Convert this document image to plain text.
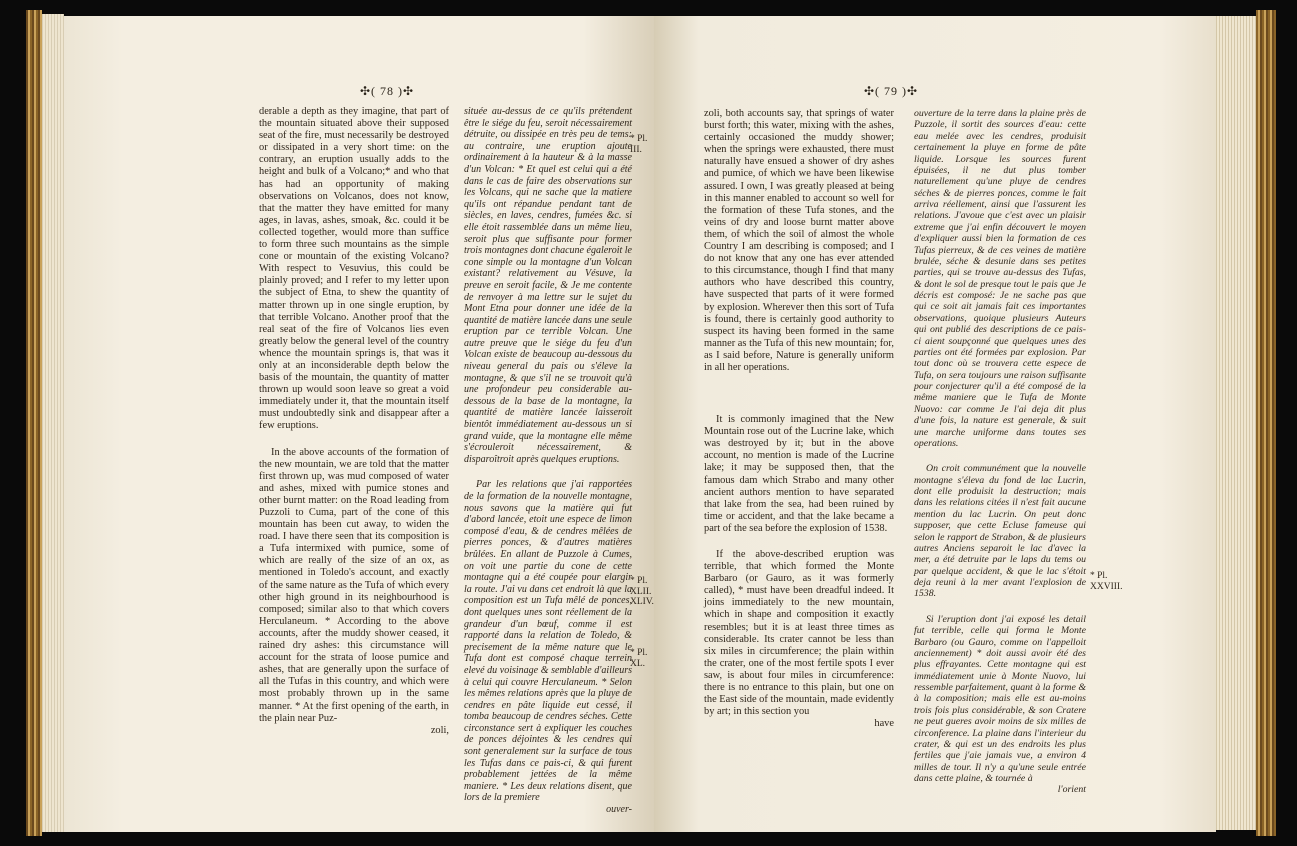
✣( 78 )✣

derable a depth as they imagine, that part of the mountain situated above their supposed seat of the fire, must necessarily be destroyed or dissipated in a very short time: on the contrary, an eruption usually adds to the height and bulk of a Volcano;* and who that has had an opportunity of making observations on Volcanos, does not know, that the matter they have emitted for many ages, in lavas, ashes, smoak, &c. could it be collected together, would more than suffice to form three such mountains as the simple cone or mountain of the existing Volcano? With respect to Vesuvius, this could be plainly proved; and I refer to my letter upon the subject of Etna, to shew the quantity of matter thrown up in one single eruption, by that terrible Volcano. Another proof that the real seat of the fire of Volcanos lies even greatly below the general level of the country whence the mountain springs is, that was it only at an inconsiderable depth below the basis of the mountain, the quantity of matter thrown up would soon leave so great a void immediately under it, that the mountain itself must undoubtedly sink and disappear after a few eruptions.

In the above accounts of the formation of the new mountain, we are told that the matter first thrown up, was mud composed of water and ashes, mixed with pumice stones and other burnt matter: on the Road leading from Puzzoli to Cuma, part of the cone of this mountain has been cut away, to widen the road. I have there seen that its composition is a Tufa intermixed with pumice, some of which are really of the size of an ox, as mentioned in Toledo's account, and exactly of the same nature as the Tufa of which every other high ground in its neighbourhood is composed; similar also to that which covers Herculaneum. * According to the above accounts, after the muddy shower ceased, it rained dry ashes: this circumstance will account for the strata of loose pumice and ashes, that are generally upon the surface of all the Tufas in this country, and which were most probably thrown up in the same manner. * At the first opening of the earth, in the plain near Puz-

zoli,

située au-dessus de ce qu'ils prétendent être le siége du feu, seroit nécessairement détruite, ou dissipée en très peu de tems: au contraire, une eruption ajoute ordinairement à la hauteur & à la masse d'un Volcan: * Et quel est celui qui a été dans le cas de faire des observations sur les Volcans, qui ne sache que la matiere qu'ils ont répandue pendant tant de siècles, en laves, cendres, fumées &c. si elle étoit rassemblée dans un même lieu, seroit plus que suffisante pour former trois montagnes dont chacune égaleroit le cone simple ou la montagne d'un Volcan existant? relativement au Vésuve, la preuve en seroit facile, & Je me contente de renvoyer à ma lettre sur le sujet du Mont Etna pour donner une idée de la quantité de matière lancée dans une seule eruption par ce terrible Volcan. Une autre preuve que le siége du feu d'un Volcan existe de beaucoup au-dessous du niveau general du pais ou s'éleve la montagne, & que s'il ne se trouvoit qu'à une profondeur peu considerable au-dessous de la base de la montagne, la quantité de matière lancée laisseroit bientôt immédiatement au-dessous un si grand vuide, que la montagne elle même s'écrouleroit nécessairement, & disparoîtroit après quelques eruptions.

Par les relations que j'ai rapportées de la formation de la nouvelle montagne, nous savons que la matière qui fut d'abord lancée, etoit une espece de limon composé d'eau, & de cendres mêlées de pierres ponces, & d'autres matières brûlées. En allant de Puzzole à Cumes, on voit une partie du cone de cette montagne qui a été coupée pour elargir la route. J'ai vu dans cet endroit là que la composition est un Tufa mêlé de ponces, dont quelques unes sont réellement de la grandeur d'un bœuf, comme il est rapporté dans la relation de Toledo, & precisement de la même nature que le Tufa dont est composé chaque terrein elevé du voisinage & semblable d'ailleurs à celui qui couvre Herculaneum. * Selon les mêmes relations après que la pluye de cendres en pâte liquide eut cessé, il tomba beaucoup de cendres séches. Cette circonstance sert à expliquer les couches de ponces déjointes & les cendres qui sont generalement sur la surface de tous les Tufas dans ce pais-ci, & qui furent probablement jettées de la même maniere. * Les deux relations disent, que lors de la premiere

ouver-

* Pl. III.
* Pl. XLII. XLIV.
* Pl. XL.
✣( 79 )✣

zoli, both accounts say, that springs of water burst forth; this water, mixing with the ashes, certainly occasioned the muddy shower; when the springs were exhausted, there must naturally have ensued a shower of dry ashes and pumice, of which we have been likewise assured. I own, I was greatly pleased at being in this manner enabled to account so well for the formation of these Tufa stones, and the veins of dry and loose burnt matter above them, of which the soil of almost the whole Country I am describing is composed; and I do not know that any one has ever attended to this circumstance, though I find that many authors who have described this country, have suspected that parts of it were formed by explosion. Wherever then this sort of Tufa is found, there is certainly good authority to suspect its having been formed in the same manner as the Tufa of this new mountain; for, as I said before, Nature is generally uniform in all her operations.

It is commonly imagined that the New Mountain rose out of the Lucrine lake, which was destroyed by it; but in the above account, no mention is made of the Lucrine lake; it may be supposed then, that the famous dam which Strabo and many other ancient authors mention to have separated that lake from the sea, had been ruined by time or accident, and that the lake became a part of the sea before the explosion of 1538.

If the above-described eruption was terrible, that which formed the Monte Barbaro (or Gauro, as it was formerly called), * must have been dreadful indeed. It joins immediately to the new mountain, which in shape and composition it exactly resembles; but it is at least three times as considerable. Its crater cannot be less than six miles in circumference; the plain within the crater, one of the most fertile spots I ever saw, is about four miles in circumference: there is no entrance to this plain, but one on the East side of the mountain, made evidently by art; in this section you

have

ouverture de la terre dans la plaine près de Puzzole, il sortit des sources d'eau: cette eau melée avec les cendres, produisit certainement la pluye en forme de pâte liquide. Lorsque les sources furent épuisées, il ne dut plus tomber naturellement qu'une pluye de cendres séches & de pierres ponces, comme le fait arriva réellement, ainsi que l'assurent les relations. J'avoue que c'est avec un plaisir extreme que j'ai enfin découvert le moyen d'expliquer aussi bien la formation de ces Tufas pierreux, & de ces veines de matière brulée, séche & desunie dans ses petites parties, qui se trouve au-dessus des Tufas, & dont le sol de presque tout le pais que Je décris est composé: Je ne sache pas que qui ce soit ait jamais fait ces importantes observations, quoique plusieurs Auteurs qui ont publié des descriptions de ce pais-ci aient soupçonné que quelques unes des parties ont été formées par explosion. Par tout donc où se trouvera cette espece de Tufa, on sera toujours une raison suffisante pour conjecturer qu'il a été composé de la même maniere que le Tufa de Monte Nuovo: car comme Je l'ai deja dit plus d'une fois, la nature est generale, & suit une marche uniforme dans toutes ses operations.

On croit communément que la nouvelle montagne s'éleva du fond de lac Lucrin, dont elle produisit la destruction; mais dans les relations citées il n'est fait aucune mention du lac Lucrin. On peut donc supposer, que cette Ecluse fameuse qui selon le rapport de Strabon, & de plusieurs autres Anciens separoit le lac d'avec la mer, a été detruite par le laps du tems ou par quelque accident, & que le lac s'étoit deja reuni à la mer avant l'explosion de 1538.

Si l'eruption dont j'ai exposé les detail fut terrible, celle qui forma le Monte Barbaro (ou Gauro, comme on l'appelloit anciennement) * doit aussi avoir été des plus effrayantes. Cette montagne qui est immédiatement unie à Monte Nuovo, lui ressemble parfaitement, quant à la forme & à la composition; mais elle est au-moins trois fois plus considérable, & son Cratere ne peut gueres avoir moins de six milles de circonference. La plaine dans l'interieur du crater, & qui est un des endroits les plus fertiles que j'aie jamais vue, a environ 4 milles de tour. Il n'y a qu'une seule entrée dans cette plaine, & tournée à

l'orient

* Pl. XXVIII.
